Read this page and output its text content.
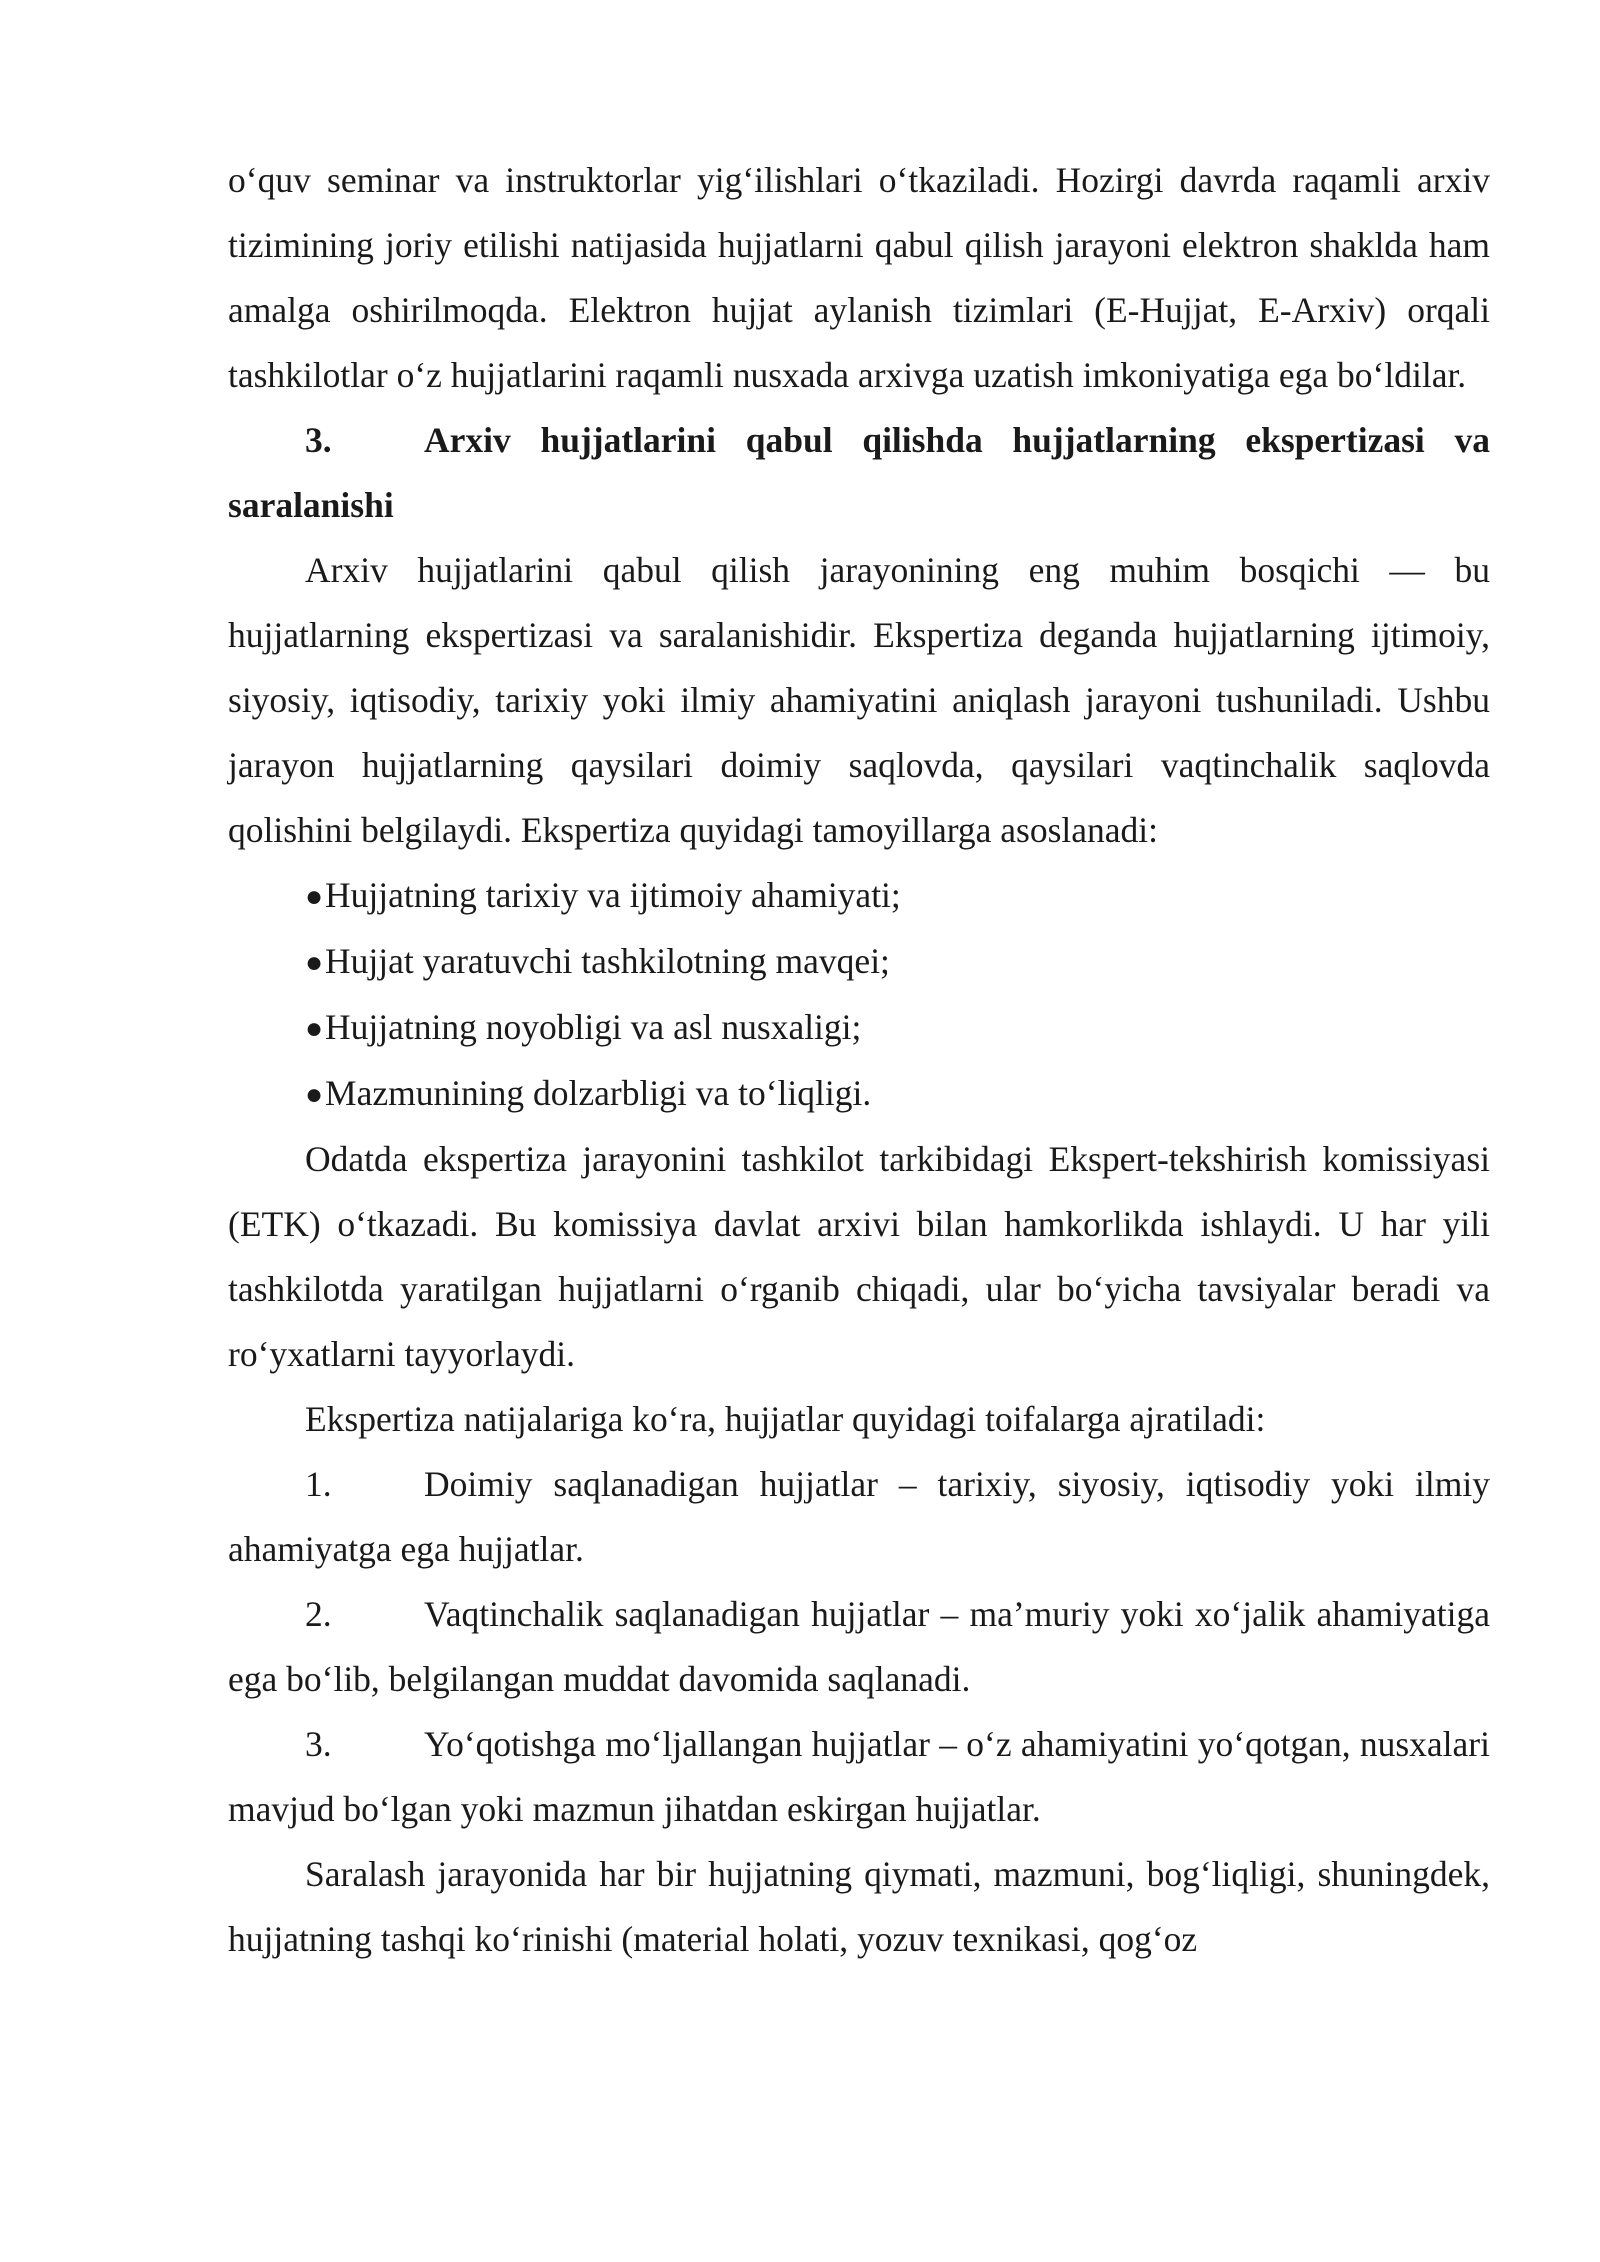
o‘quv seminar va instruktorlar yig‘ilishlari o‘tkaziladi. Hozirgi davrda raqamli arxiv tizimining joriy etilishi natijasida hujjatlarni qabul qilish jarayoni elektron shaklda ham amalga oshirilmoqda. Elektron hujjat aylanish tizimlari (E-Hujjat, E-Arxiv) orqali tashkilotlar o‘z hujjatlarini raqamli nusxada arxivga uzatish imkoniyatiga ega bo‘ldilar.

3.	Arxiv hujjatlarini qabul qilishda hujjatlarning ekspertizasi va saralanishi

Arxiv hujjatlarini qabul qilish jarayonining eng muhim bosqichi — bu hujjatlarning ekspertizasi va saralanishidir. Ekspertiza deganda hujjatlarning ijtimoiy, siyosiy, iqtisodiy, tarixiy yoki ilmiy ahamiyatini aniqlash jarayoni tushuniladi. Ushbu jarayon hujjatlarning qaysilari doimiy saqlovda, qaysilari vaqtinchalik saqlovda qolishini belgilaydi. Ekspertiza quyidagi tamoyillarga asoslanadi:

●Hujjatning tarixiy va ijtimoiy ahamiyati;

●Hujjat yaratuvchi tashkilotning mavqei;

●Hujjatning noyobligi va asl nusxaligi;

●Mazmunining dolzarbligi va to‘liqligi.

Odatda ekspertiza jarayonini tashkilot tarkibidagi Ekspert-tekshirish komissiyasi (ETK) o‘tkazadi. Bu komissiya davlat arxivi bilan hamkorlikda ishlaydi. U har yili tashkilotda yaratilgan hujjatlarni o‘rganib chiqadi, ular bo‘yicha tavsiyalar beradi va ro‘yxatlarni tayyorlaydi.

Ekspertiza natijalariga ko‘ra, hujjatlar quyidagi toifalarga ajratiladi:

1.	Doimiy saqlanadigan hujjatlar – tarixiy, siyosiy, iqtisodiy yoki ilmiy ahamiyatga ega hujjatlar.

2.	Vaqtinchalik saqlanadigan hujjatlar – ma’muriy yoki xo‘jalik ahamiyatiga ega bo‘lib, belgilangan muddat davomida saqlanadi.

3.	Yo‘qotishga mo‘ljallangan hujjatlar – o‘z ahamiyatini yo‘qotgan, nusxalari mavjud bo‘lgan yoki mazmun jihatdan eskirgan hujjatlar.

Saralash jarayonida har bir hujjatning qiymati, mazmuni, bog‘liqligi, shuningdek, hujjatning tashqi ko‘rinishi (material holati, yozuv texnikasi, qog‘oz
